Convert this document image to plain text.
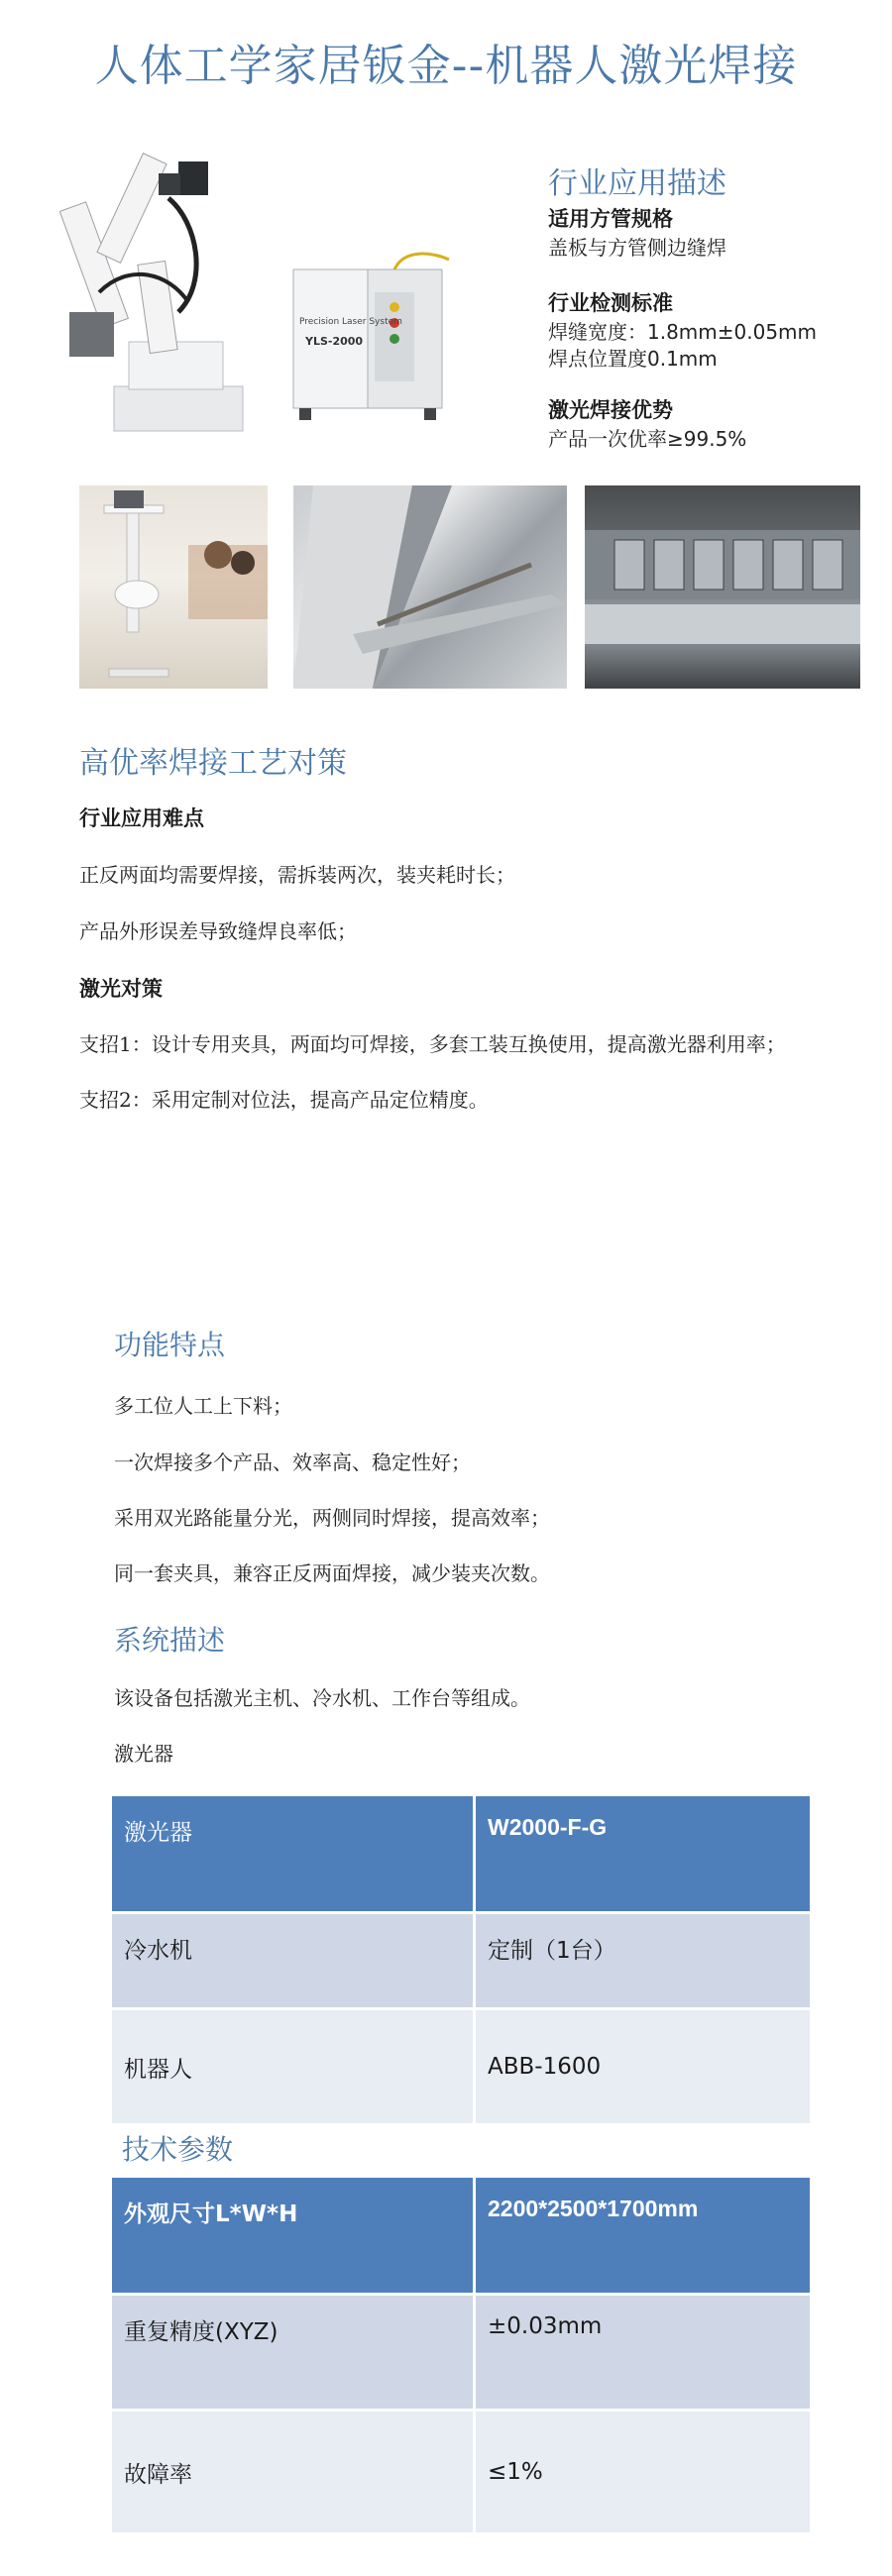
人体工学家居钣金--机器人激光焊接
Precision Laser System
YLS-2000
行业应用描述
适用方管规格
盖板与方管侧边缝焊
行业检测标准
焊缝宽度：1.8mm±0.05mm
焊点位置度0.1mm
激光焊接优势
产品一次优率≥99.5%
高优率焊接工艺对策
行业应用难点
正反两面均需要焊接，需拆装两次，装夹耗时长；
产品外形误差导致缝焊良率低；
激光对策
支招1：设计专用夹具，两面均可焊接，多套工装互换使用，提高激光器利用率；
支招2：采用定制对位法，提高产品定位精度。
功能特点
多工位人工上下料；
一次焊接多个产品、效率高、稳定性好；
采用双光路能量分光，两侧同时焊接，提高效率；
同一套夹具，兼容正反两面焊接，减少装夹次数。
系统描述
该设备包括激光主机、冷水机、工作台等组成。
激光器
激光器	W2000-F-G
冷水机	定制（1台）
机器人	ABB-1600
技术参数
外观尺寸L*W*H	2200*2500*1700mm
重复精度(XYZ)	±0.03mm
故障率	≤1%
